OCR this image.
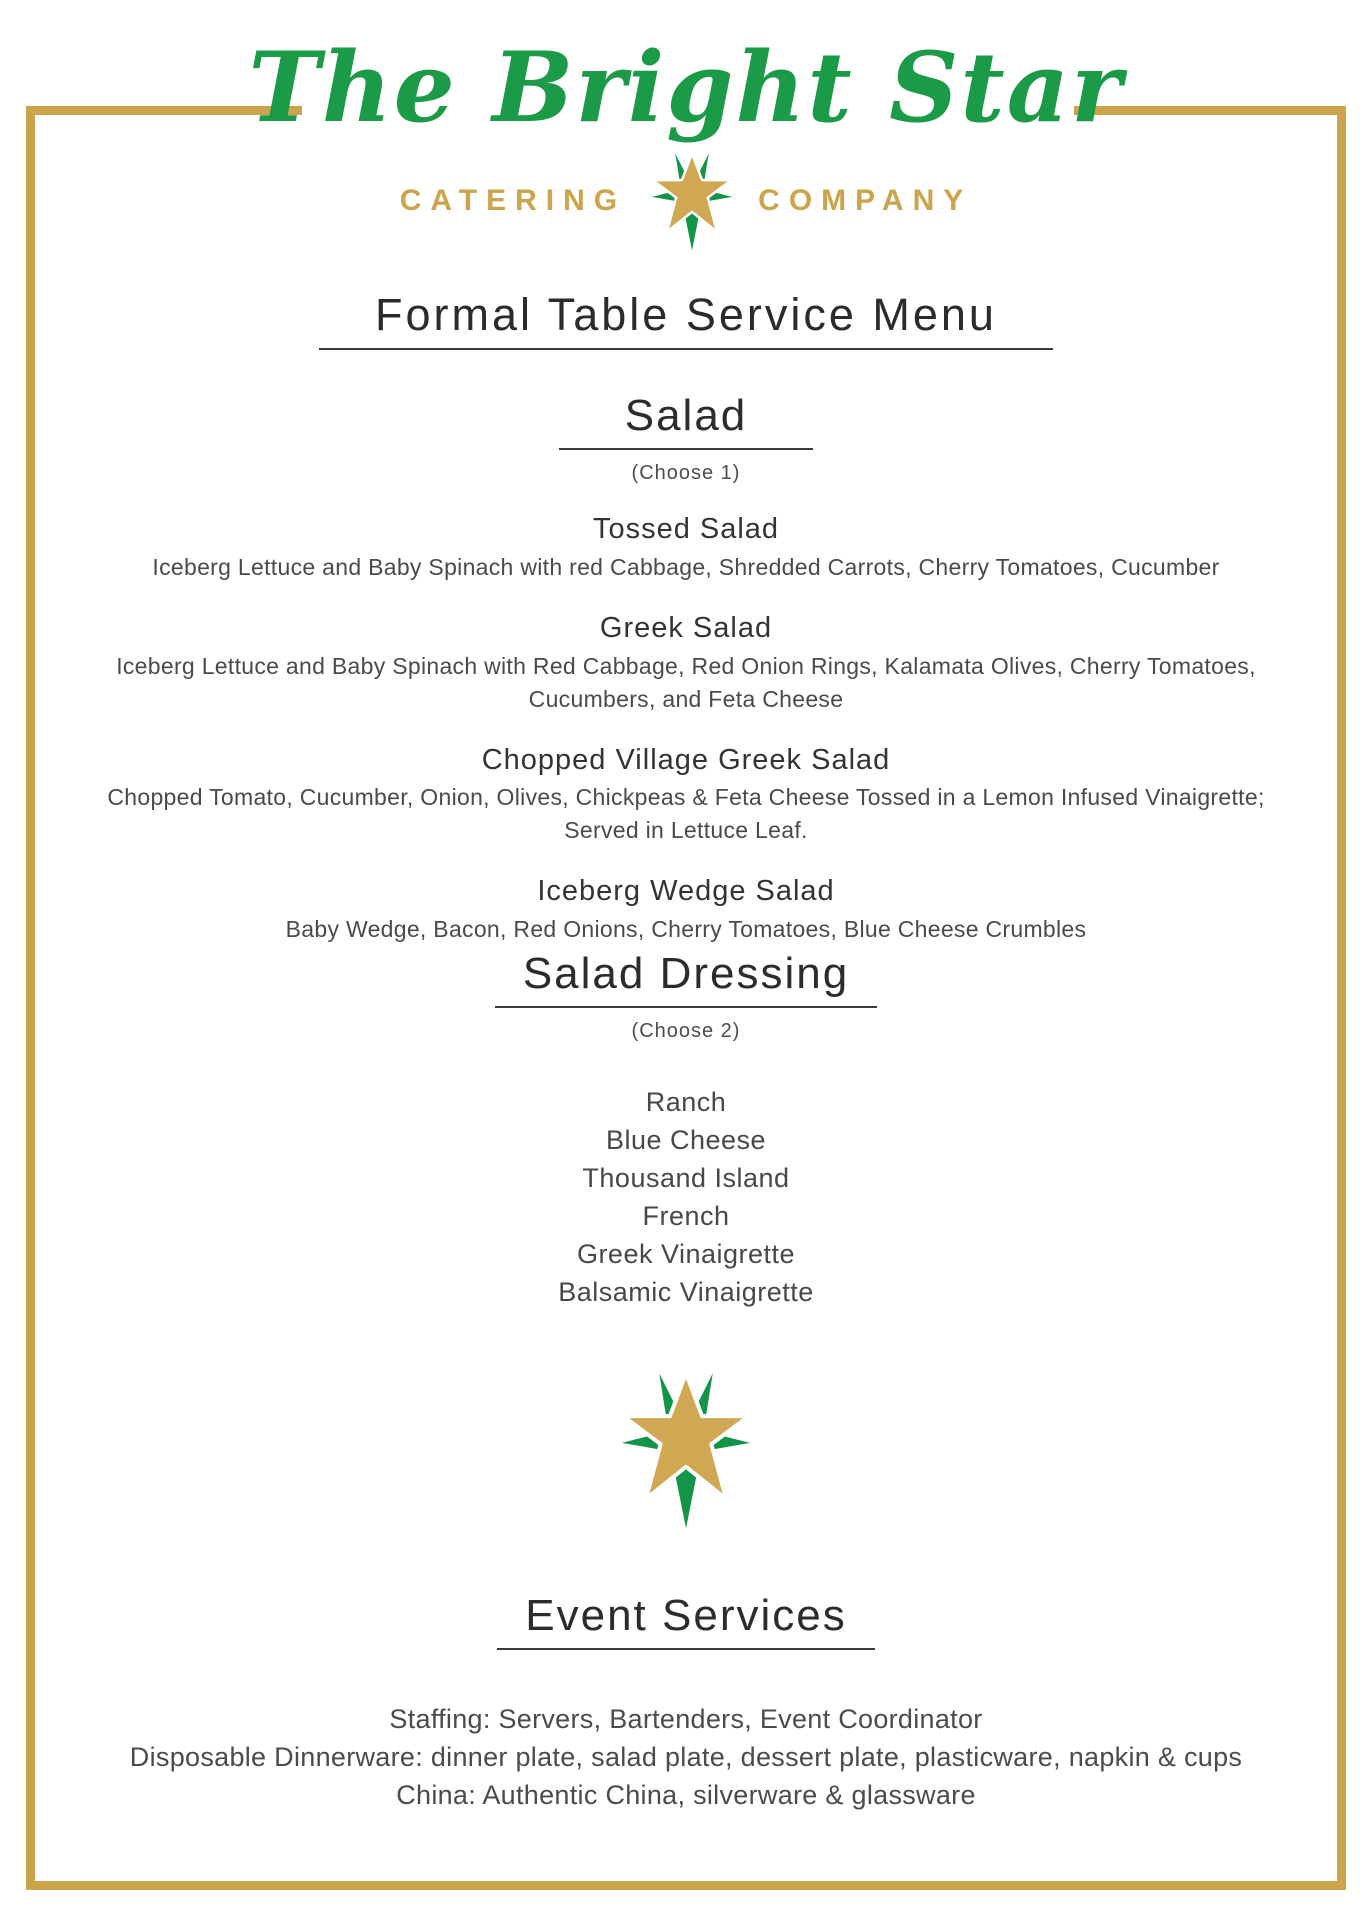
The Bright Star
CATERING	COMPANY
Formal Table Service Menu
Salad
(Choose 1)
Tossed Salad
Iceberg Lettuce and Baby Spinach with red Cabbage, Shredded Carrots, Cherry Tomatoes, Cucumber
Greek Salad
Iceberg Lettuce and Baby Spinach with Red Cabbage, Red Onion Rings, Kalamata Olives, Cherry Tomatoes, Cucumbers, and Feta Cheese
Chopped Village Greek Salad
Chopped Tomato, Cucumber, Onion, Olives, Chickpeas & Feta Cheese Tossed in a Lemon Infused Vinaigrette; Served in Lettuce Leaf.
Iceberg Wedge Salad
Baby Wedge, Bacon, Red Onions, Cherry Tomatoes, Blue Cheese Crumbles
Salad Dressing
(Choose 2)
Ranch
Blue Cheese
Thousand Island
French
Greek Vinaigrette
Balsamic Vinaigrette
Event Services
Staffing: Servers, Bartenders, Event Coordinator
Disposable Dinnerware: dinner plate, salad plate, dessert plate, plasticware, napkin & cups
China: Authentic China, silverware & glassware
